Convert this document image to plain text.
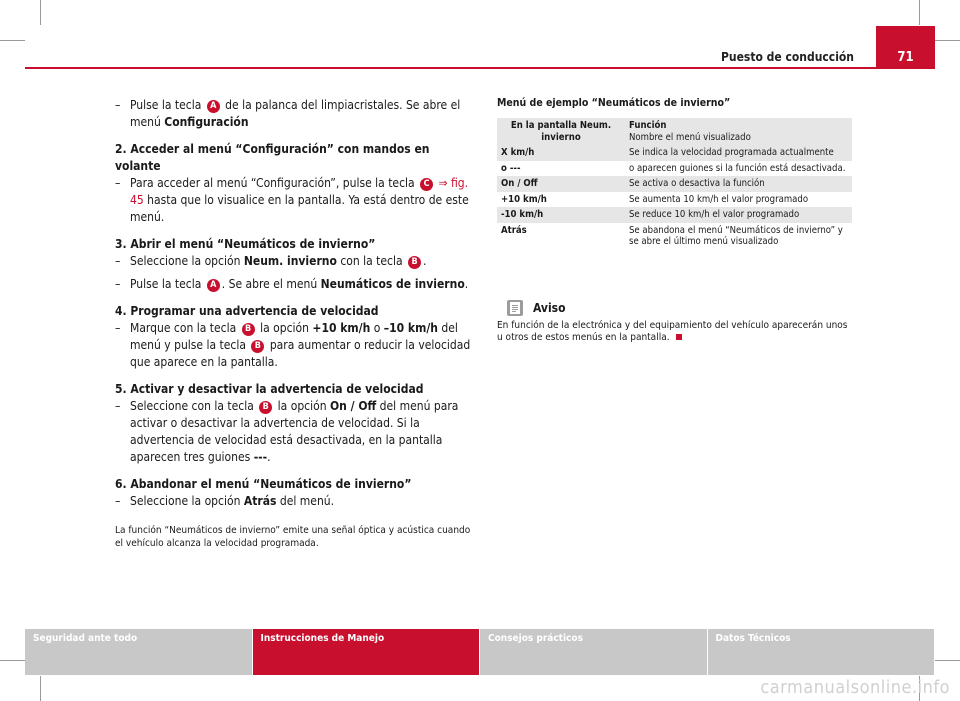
Puesto de conducción	71

– Pulse la tecla A de la palanca del limpiacristales. Se abre el menú Configuración

2. Acceder al menú “Configuración” con mandos en volante

– Para acceder al menú “Configuración”, pulse la tecla C ⇒ fig. 45 hasta que lo visualice en la pantalla. Ya está dentro de este menú.

3. Abrir el menú “Neumáticos de invierno”

– Seleccione la opción Neum. invierno con la tecla B .

– Pulse la tecla A . Se abre el menú Neumáticos de invierno.

4. Programar una advertencia de velocidad

– Marque con la tecla B la opción +10 km/h o –10 km/h del menú y pulse la tecla B para aumentar o reducir la velocidad que aparece en la pantalla.

5. Activar y desactivar la advertencia de velocidad

– Seleccione con la tecla B la opción On / Off del menú para activar o desactivar la advertencia de velocidad. Si la advertencia de velocidad está desactivada, en la pantalla aparecen tres guiones ---.

6. Abandonar el menú “Neumáticos de invierno”

– Seleccione la opción Atrás del menú.

La función “Neumáticos de invierno” emite una señal óptica y acústica cuando el vehículo alcanza la velocidad programada.

Menú de ejemplo “Neumáticos de invierno”

En la pantalla Neum. invierno	Función
Nombre el menú visualizado
X km/h	Se indica la velocidad programada actualmente
o ---	o aparecen guiones si la función está desactivada.
On / Off	Se activa o desactiva la función
+10 km/h	Se aumenta 10 km/h el valor programado
-10 km/h	Se reduce 10 km/h el valor programado
Atrás	Se abandona el menú “Neumáticos de invierno” y se abre el último menú visualizado
Aviso
En función de la electrónica y del equipamiento del vehículo aparecerán unos u otros de estos menús en la pantalla.
Seguridad ante todo	Instrucciones de Manejo	Consejos prácticos	Datos Técnicos
carmanualsonline.info
